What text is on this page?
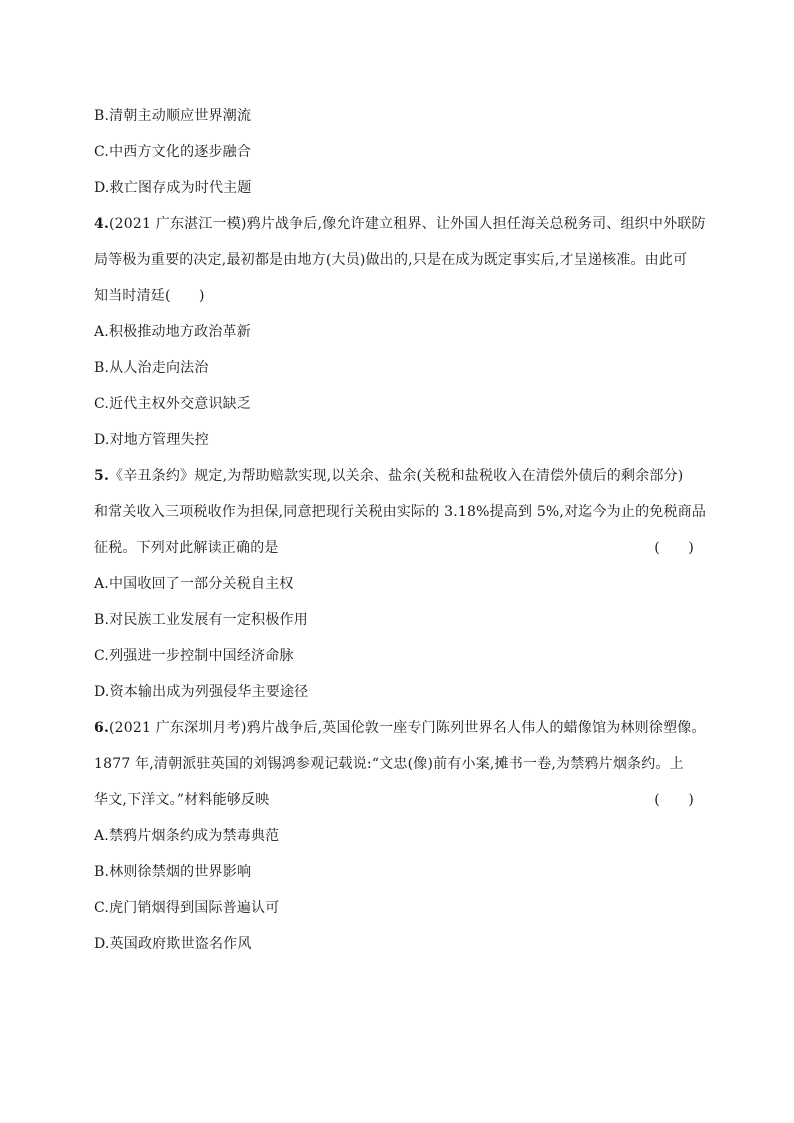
B.清朝主动顺应世界潮流
C.中西方文化的逐步融合
D.救亡图存成为时代主题
4.(2021 广东湛江一模)鸦片战争后,像允许建立租界、让外国人担任海关总税务司、组织中外联防
局等极为重要的决定,最初都是由地方(大员)做出的,只是在成为既定事实后,才呈递核准。由此可
知当时清廷(　　)
A.积极推动地方政治革新
B.从人治走向法治
C.近代主权外交意识缺乏
D.对地方管理失控
5.《辛丑条约》规定,为帮助赔款实现,以关余、盐余(关税和盐税收入在清偿外债后的剩余部分)
和常关收入三项税收作为担保,同意把现行关税由实际的 3.18%提高到 5%,对迄今为止的免税商品
征税。下列对此解读正确的是	(　　)
A.中国收回了一部分关税自主权
B.对民族工业发展有一定积极作用
C.列强进一步控制中国经济命脉
D.资本输出成为列强侵华主要途径
6.(2021 广东深圳月考)鸦片战争后,英国伦敦一座专门陈列世界名人伟人的蜡像馆为林则徐塑像。
1877 年,清朝派驻英国的刘锡鸿参观记载说:“文忠(像)前有小案,摊书一卷,为禁鸦片烟条约。上
华文,下洋文。”材料能够反映	(　　)
A.禁鸦片烟条约成为禁毒典范
B.林则徐禁烟的世界影响
C.虎门销烟得到国际普遍认可
D.英国政府欺世盗名作风
